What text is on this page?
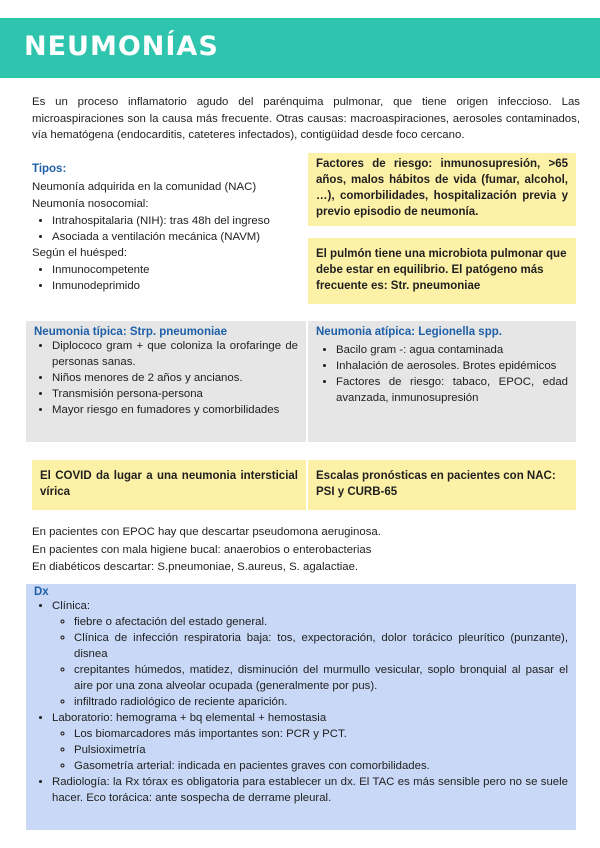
NEUMONÍAS

Es un proceso inflamatorio agudo del parénquima pulmonar, que tiene origen infeccioso. Las microaspiraciones son la causa más frecuente. Otras causas: macroaspiraciones, aerosoles contaminados, vía hematógena (endocarditis, cateteres infectados), contigüidad desde foco cercano.

Tipos:
Neumonía adquirida en la comunidad (NAC)
Neumonía nosocomial:
• Intrahospitalaria (NIH): tras 48h del ingreso
• Asociada a ventilación mecánica (NAVM)
Según el huésped:
• Inmunocompetente
• Inmunodeprimido
Factores de riesgo: inmunosupresión, >65 años, malos hábitos de vida (fumar, alcohol, …), comorbilidades, hospitalización previa y previo episodio de neumonía.
El pulmón tiene una microbiota pulmonar que debe estar en equilibrio. El patógeno más frecuente es: Str. pneumoniae
Neumonia típica: Strp. pneumoniae
• Diplococo gram + que coloniza la orofaringe de personas sanas.
• Niños menores de 2 años y ancianos.
• Transmisión persona-persona
• Mayor riesgo en fumadores y comorbilidades
Neumonia atípica: Legionella spp.
• Bacilo gram -: agua contaminada
• Inhalación de aerosoles. Brotes epidémicos
• Factores de riesgo: tabaco, EPOC, edad avanzada, inmunosupresión
El COVID da lugar a una neumonia intersticial vírica
Escalas pronósticas en pacientes con NAC: PSI y CURB-65
En pacientes con EPOC hay que descartar pseudomona aeruginosa.
En pacientes con mala higiene bucal: anaerobios o enterobacterias
En diabéticos descartar: S.pneumoniae, S.aureus, S. agalactiae.
Dx
• Clínica:
◦ fiebre o afectación del estado general.
◦ Clínica de infección respiratoria baja: tos, expectoración, dolor torácico pleurítico (punzante), disnea
◦ crepitantes húmedos, matidez, disminución del murmullo vesicular, soplo bronquial al pasar el aire por una zona alveolar ocupada (generalmente por pus).
◦ infiltrado radiológico de reciente aparición.
• Laboratorio: hemograma + bq elemental + hemostasia
◦ Los biomarcadores más importantes son: PCR y PCT.
◦ Pulsioximetría
◦ Gasometría arterial: indicada en pacientes graves con comorbilidades.
• Radiología: la Rx tórax es obligatoria para establecer un dx. El TAC es más sensible pero no se suele hacer. Eco torácica: ante sospecha de derrame pleural.
